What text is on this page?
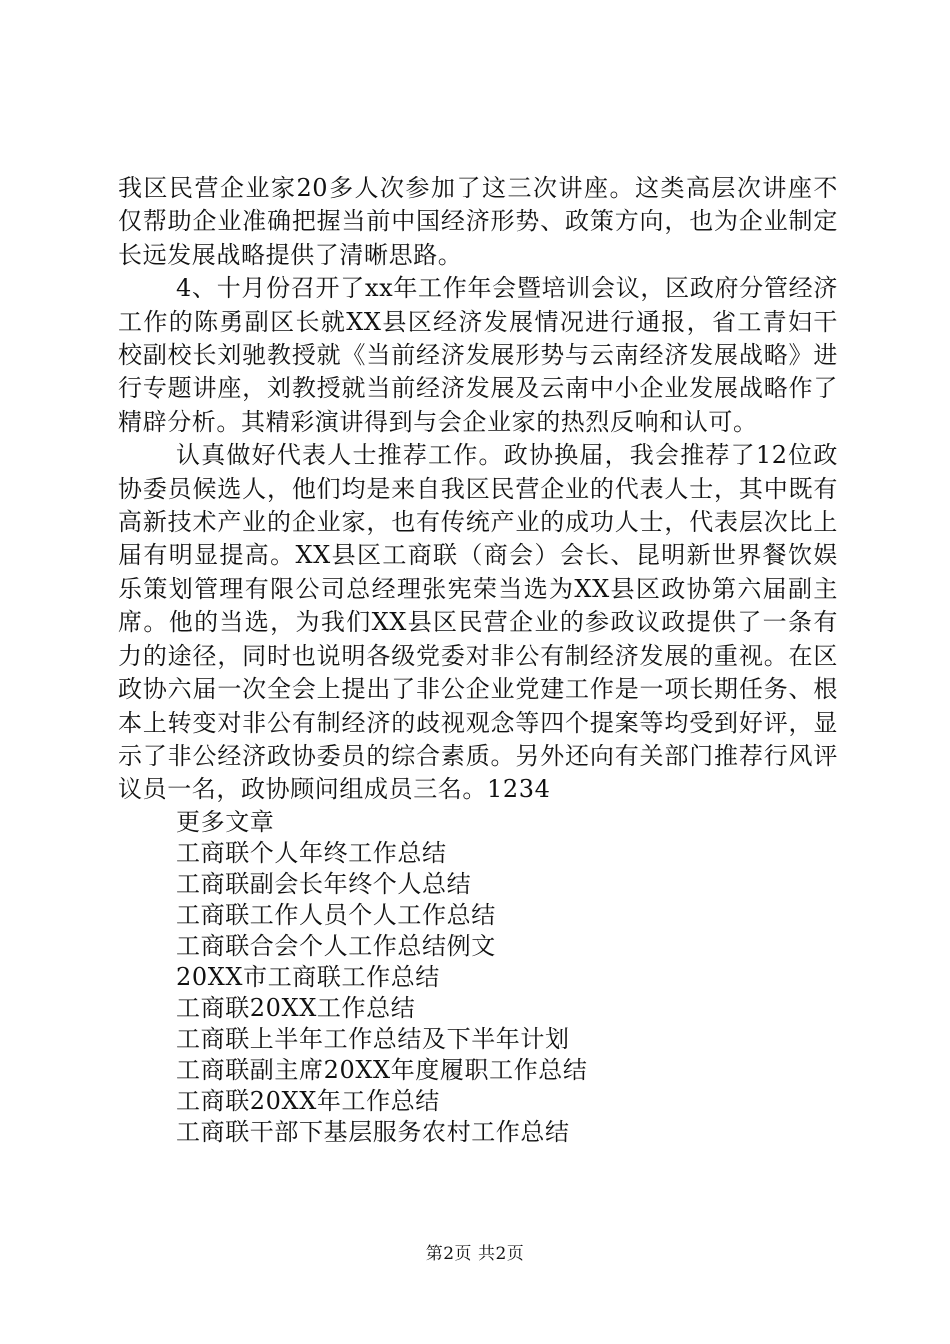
我区民营企业家20多人次参加了这三次讲座。这类高层次讲座不仅帮助企业准确把握当前中国经济形势、政策方向，也为企业制定长远发展战略提供了清晰思路。

4、十月份召开了xx年工作年会暨培训会议，区政府分管经济工作的陈勇副区长就XX县区经济发展情况进行通报，省工青妇干校副校长刘驰教授就《当前经济发展形势与云南经济发展战略》进行专题讲座，刘教授就当前经济发展及云南中小企业发展战略作了精辟分析。其精彩演讲得到与会企业家的热烈反响和认可。

认真做好代表人士推荐工作。政协换届，我会推荐了12位政协委员候选人，他们均是来自我区民营企业的代表人士，其中既有高新技术产业的企业家，也有传统产业的成功人士，代表层次比上届有明显提高。XX县区工商联（商会）会长、昆明新世界餐饮娱乐策划管理有限公司总经理张宪荣当选为XX县区政协第六届副主席。他的当选，为我们XX县区民营企业的参政议政提供了一条有力的途径，同时也说明各级党委对非公有制经济发展的重视。在区政协六届一次全会上提出了非公企业党建工作是一项长期任务、根本上转变对非公有制经济的歧视观念等四个提案等均受到好评，显示了非公经济政协委员的综合素质。另外还向有关部门推荐行风评议员一名，政协顾问组成员三名。1234

更多文章
工商联个人年终工作总结
工商联副会长年终个人总结
工商联工作人员个人工作总结
工商联合会个人工作总结例文
20XX市工商联工作总结
工商联20XX工作总结
工商联上半年工作总结及下半年计划
工商联副主席20XX年度履职工作总结
工商联20XX年工作总结
工商联干部下基层服务农村工作总结
第2页 共2页
